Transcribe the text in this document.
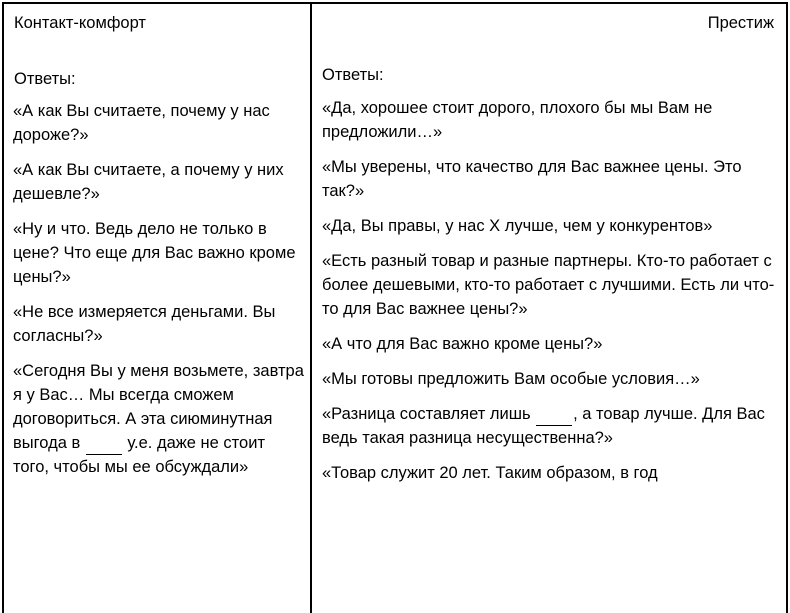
Контакт-комфорт
Ответы:
«А как Вы считаете, почему у нас дороже?»
«А как Вы считаете, а почему у них дешевле?»
«Ну и что. Ведь дело не только в цене? Что еще для Вас важно кроме цены?»
«Не все измеряется деньгами. Вы согласны?»
«Сегодня Вы у меня возьмете, завтра я у Вас… Мы всегда сможем договориться. А эта сиюминутная выгода в  у.е. даже не стоит того, чтобы мы ее обсуждали»
Престиж
Ответы:
«Да, хорошее стоит дорого, плохого бы мы Вам не предложили…»
«Мы уверены, что качество для Вас важнее цены. Это так?»
«Да, Вы правы, у нас Х лучше, чем у конкурентов»
«Есть разный товар и разные партнеры. Кто-то работает с более дешевыми, кто-то работает с лучшими. Есть ли что-то для Вас важнее цены?»
«А что для Вас важно кроме цены?»
«Мы готовы предложить Вам особые условия…»
«Разница составляет лишь , а товар лучше. Для Вас ведь такая разница несущественна?»
«Товар служит 20 лет. Таким образом, в год
